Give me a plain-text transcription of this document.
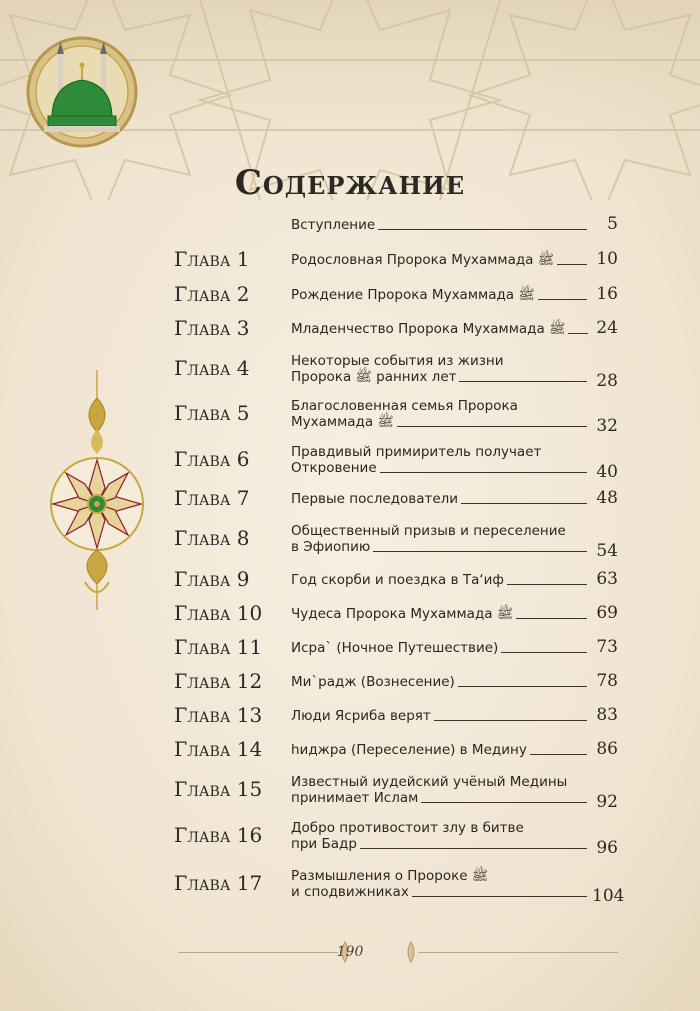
Содержание
Вступление	5
Глава 1	Родословная Пророка Мухаммада ﷺ 10
Глава 2	Рождение Пророка Мухаммада ﷺ	16
Глава 3	Младенчество Пророка Мухаммада ﷺ 24
Глава 4	Некоторые события из жизни
Пророка ﷺ ранних лет	28
Глава 5	Благословенная семья Пророка
Мухаммада ﷺ	32
Глава 6	Правдивый примиритель получает
Откровение	40
Глава 7	Первые последователи	48
Глава 8	Общественный призыв и переселение
в Эфиопию	54
Глава 9	Год скорби и поездка в Та‘иф	63
Глава 10 Чудеса Пророка Мухаммада ﷺ	69
Глава 11 Исра` (Ночное Путешествие)	73
Глава 12 Ми`радж (Вознесение)	78
Глава 13 Люди Ясриба верят	83
Глава 14 hиджра (Переселение) в Медину	86
Глава 15 Известный иудейский учёный Медины
принимает Ислам	92
Глава 16 Добро противостоит злу в битве
при Бадр	96
Глава 17 Размышления о Пророке ﷺ
и сподвижниках	104
190
